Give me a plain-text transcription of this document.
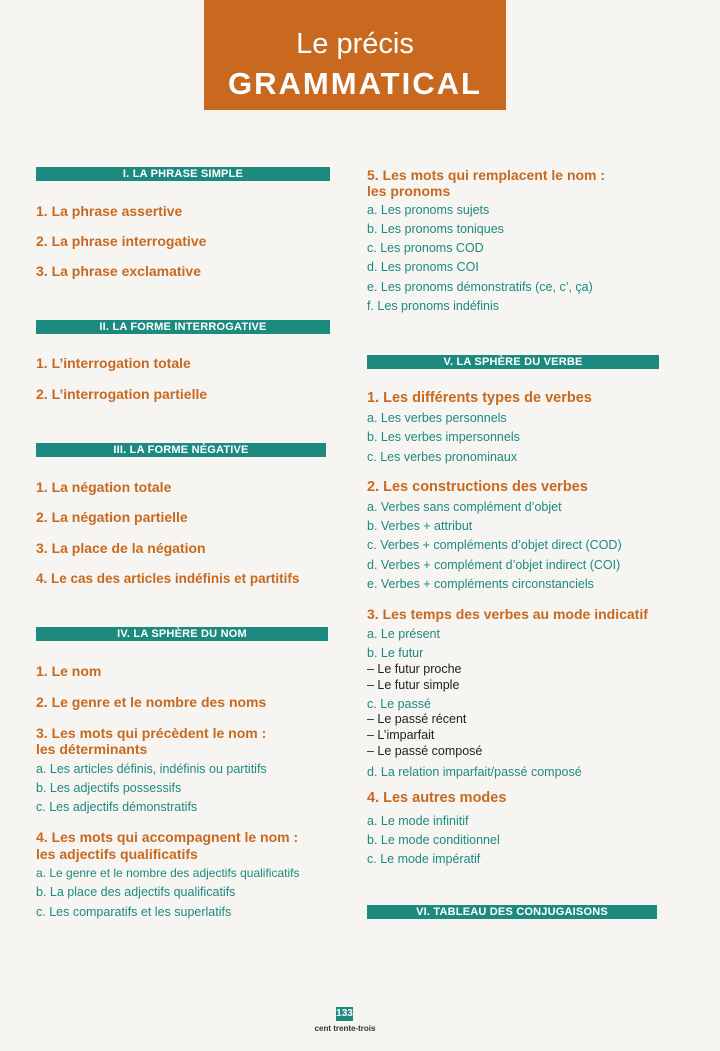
Le précis
GRAMMATICAL
I. LA PHRASE SIMPLE
1. La phrase assertive
2. La phrase interrogative
3. La phrase exclamative
II. LA FORME INTERROGATIVE
1. L’interrogation totale
2. L’interrogation partielle
III. LA FORME NÉGATIVE
1. La négation totale
2. La négation partielle
3. La place de la négation
4. Le cas des articles indéfinis et partitifs
IV. LA SPHÈRE DU NOM
1. Le nom
2. Le genre et le nombre des noms
3. Les mots qui précèdent le nom :
les déterminants
a. Les articles définis, indéfinis ou partitifs
b. Les adjectifs possessifs
c. Les adjectifs démonstratifs
4. Les mots qui accompagnent le nom :
les adjectifs qualificatifs
a. Le genre et le nombre des adjectifs qualificatifs
b. La place des adjectifs qualificatifs
c. Les comparatifs et les superlatifs
5. Les mots qui remplacent le nom :
les pronoms
a. Les pronoms sujets
b. Les pronoms toniques
c. Les pronoms COD
d. Les pronoms COI
e. Les pronoms démonstratifs (ce, c’, ça)
f. Les pronoms indéfinis
V. LA SPHÈRE DU VERBE
1. Les différents types de verbes
a. Les verbes personnels
b. Les verbes impersonnels
c. Les verbes pronominaux
2. Les constructions des verbes
a. Verbes sans complément d’objet
b. Verbes + attribut
c. Verbes + compléments d’objet direct (COD)
d. Verbes + complément d’objet indirect (COI)
e. Verbes + compléments circonstanciels
3. Les temps des verbes au mode indicatif
a. Le présent
b. Le futur
– Le futur proche
– Le futur simple
c. Le passé
– Le passé récent
– L’imparfait
– Le passé composé
d. La relation imparfait/passé composé
4. Les autres modes
a. Le mode infinitif
b. Le mode conditionnel
c. Le mode impératif
VI. TABLEAU DES CONJUGAISONS
133
cent trente-trois
